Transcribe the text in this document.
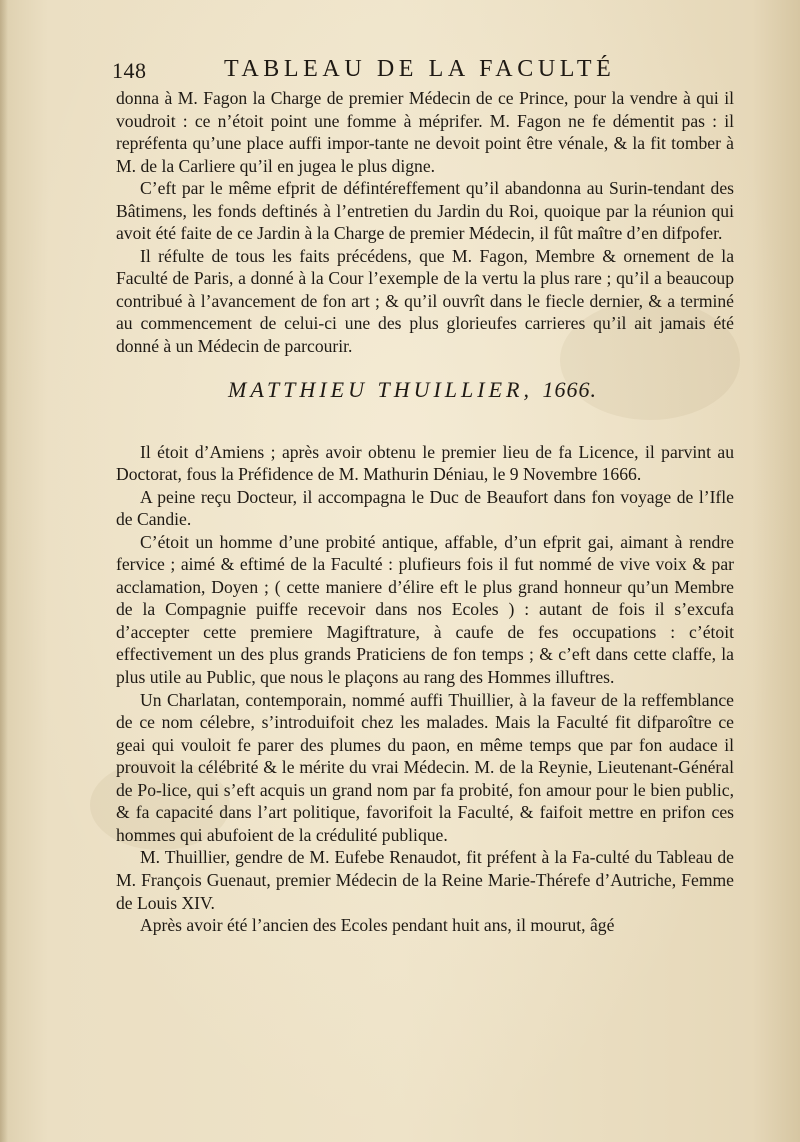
148	TABLEAU DE LA FACULTÉ

donna à M. Fagon la Charge de premier Médecin de ce Prince, pour la vendre à qui il voudroit : ce n’étoit point une fomme à méprifer. M. Fagon ne fe démentit pas : il repréfenta qu’une place auffi impor-tante ne devoit point être vénale, & la fit tomber à M. de la Carliere qu’il en jugea le plus digne.

C’eft par le même efprit de défintéreffement qu’il abandonna au Surin-tendant des Bâtimens, les fonds deftinés à l’entretien du Jardin du Roi, quoique par la réunion qui avoit été faite de ce Jardin à la Charge de premier Médecin, il fût maître d’en difpofer.

Il réfulte de tous les faits précédens, que M. Fagon, Membre & ornement de la Faculté de Paris, a donné à la Cour l’exemple de la vertu la plus rare ; qu’il a beaucoup contribué à l’avancement de fon art ; & qu’il ouvrît dans le fiecle dernier, & a terminé au commencement de celui-ci une des plus glorieufes carrieres qu’il ait jamais été donné à un Médecin de parcourir.

MATTHIEU THUILLIER, 1666.

Il étoit d’Amiens ; après avoir obtenu le premier lieu de fa Licence, il parvint au Doctorat, fous la Préfidence de M. Mathurin Déniau, le 9 Novembre 1666.

A peine reçu Docteur, il accompagna le Duc de Beaufort dans fon voyage de l’Ifle de Candie.

C’étoit un homme d’une probité antique, affable, d’un efprit gai, aimant à rendre fervice ; aimé & eftimé de la Faculté : plufieurs fois il fut nommé de vive voix & par acclamation, Doyen ; ( cette maniere d’élire eft le plus grand honneur qu’un Membre de la Compagnie puiffe recevoir dans nos Ecoles ) : autant de fois il s’excufa d’accepter cette premiere Magiftrature, à caufe de fes occupations : c’étoit effectivement un des plus grands Praticiens de fon temps ; & c’eft dans cette claffe, la plus utile au Public, que nous le plaçons au rang des Hommes illuftres.

Un Charlatan, contemporain, nommé auffi Thuillier, à la faveur de la reffemblance de ce nom célebre, s’introduifoit chez les malades. Mais la Faculté fit difparoître ce geai qui vouloit fe parer des plumes du paon, en même temps que par fon audace il prouvoit la célébrité & le mérite du vrai Médecin. M. de la Reynie, Lieutenant-Général de Po-lice, qui s’eft acquis un grand nom par fa probité, fon amour pour le bien public, & fa capacité dans l’art politique, favorifoit la Faculté, & faifoit mettre en prifon ces hommes qui abufoient de la crédulité publique.

M. Thuillier, gendre de M. Eufebe Renaudot, fit préfent à la Fa-culté du Tableau de M. François Guenaut, premier Médecin de la Reine Marie-Thérefe d’Autriche, Femme de Louis XIV.

Après avoir été l’ancien des Ecoles pendant huit ans, il mourut, âgé
